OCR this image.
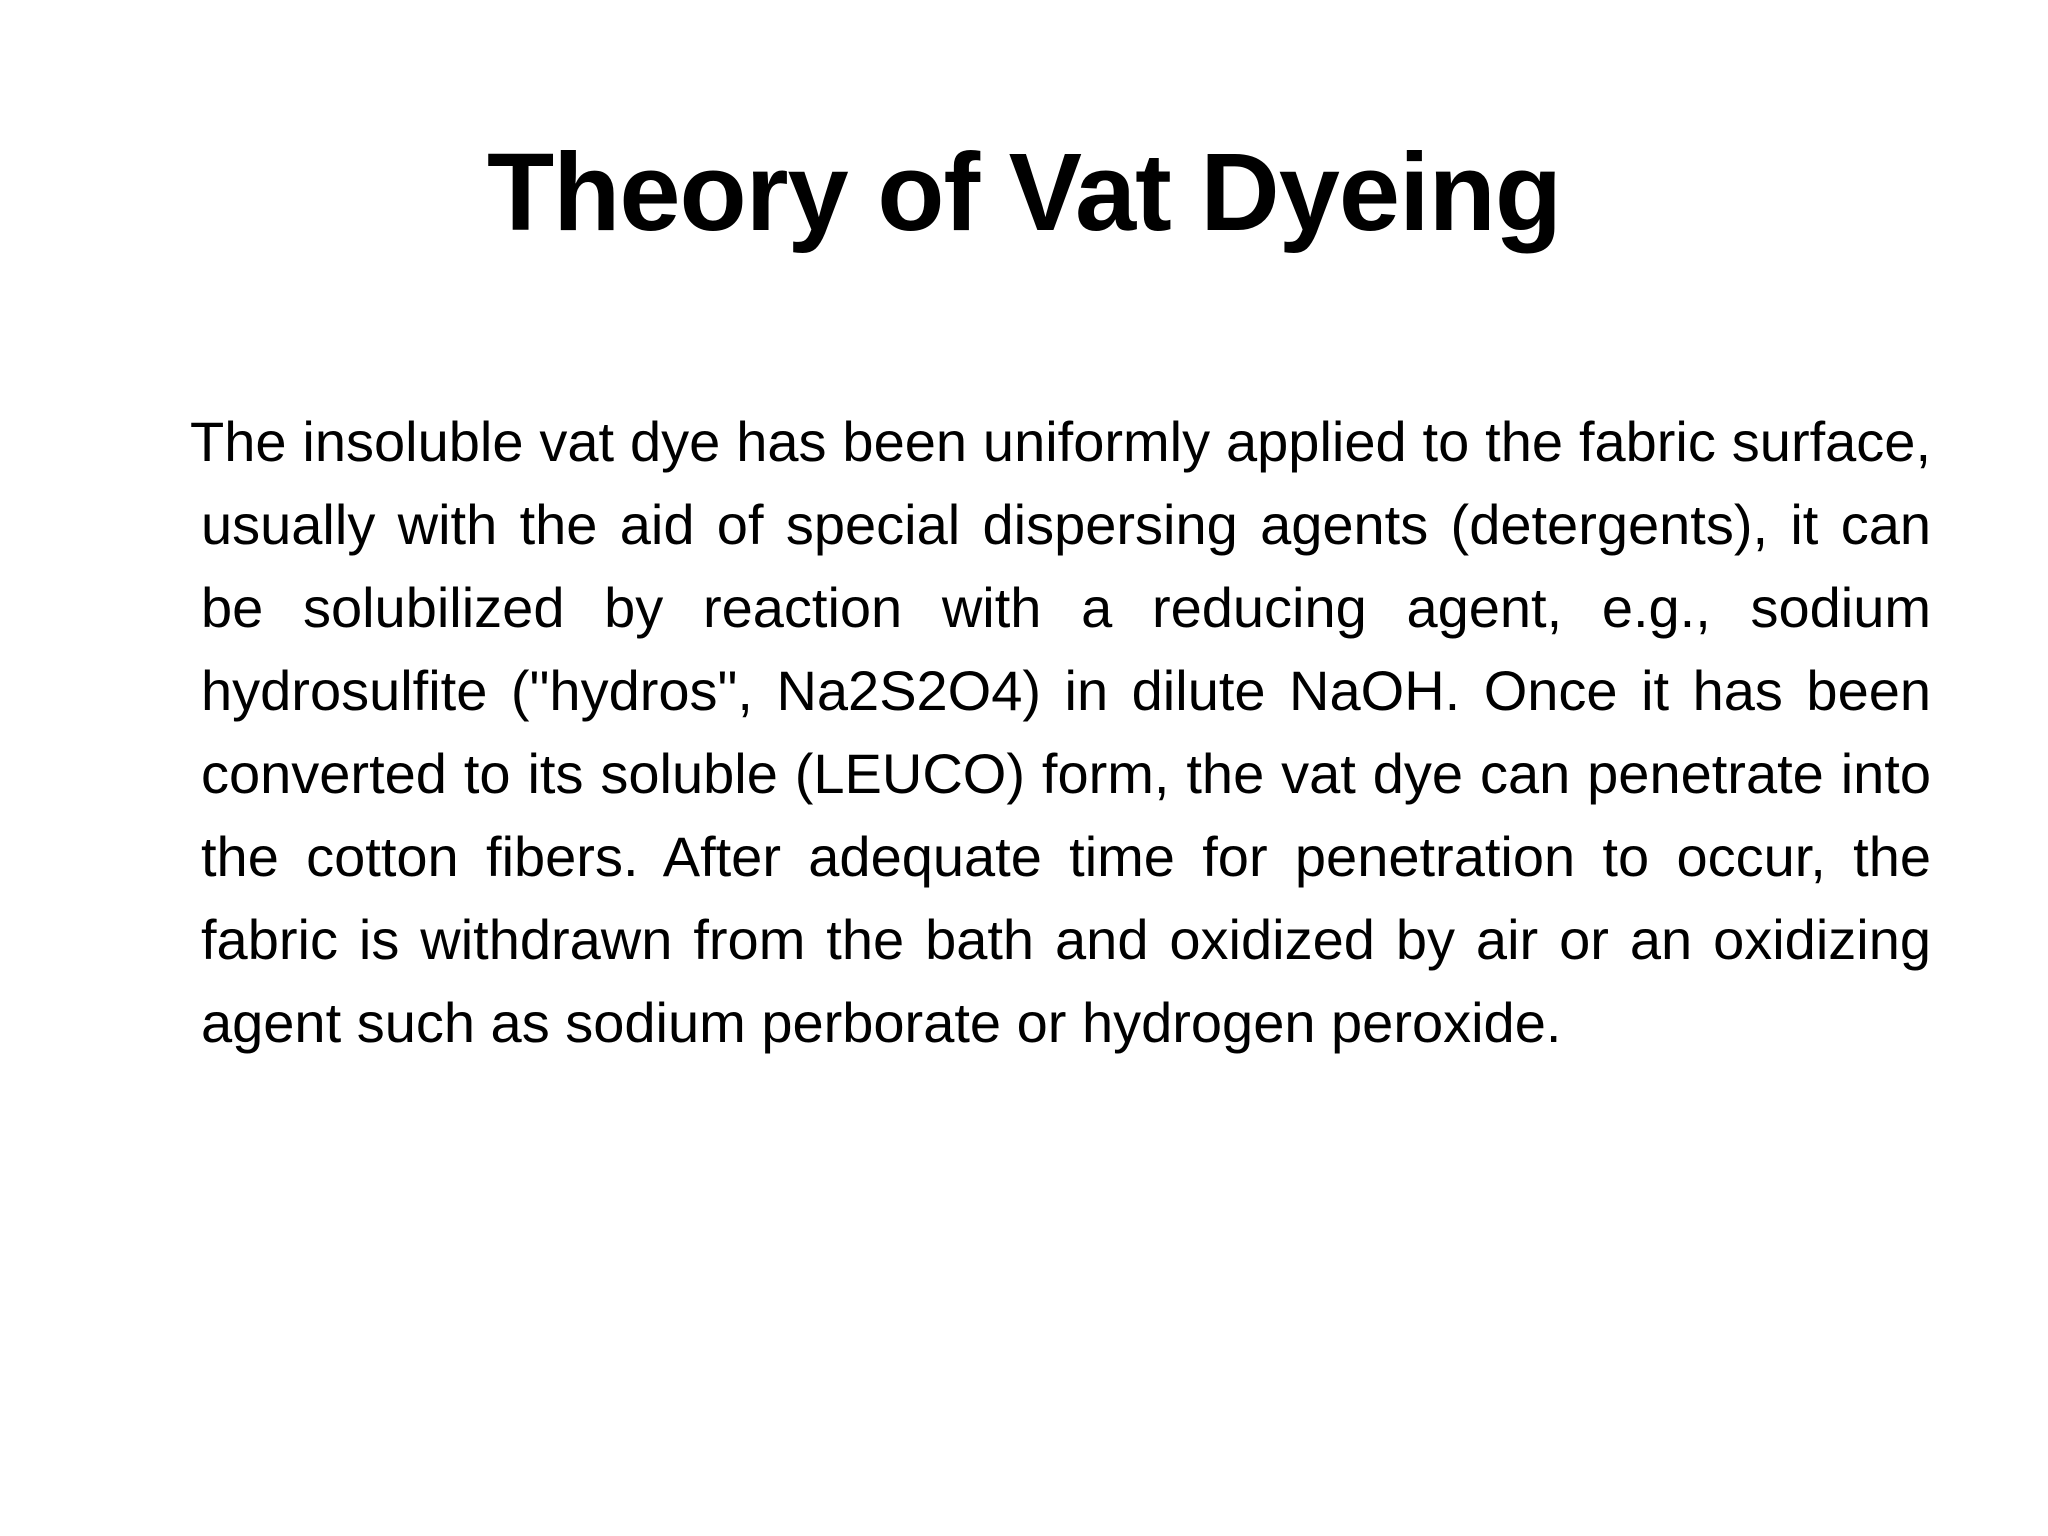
Theory of Vat Dyeing

The insoluble vat dye has been uniformly applied to the fabric surface, usually with the aid of special dispersing agents (detergents), it can be solubilized by reaction with a reducing agent, e.g., sodium hydrosulfite ("hydros", Na2S2O4) in dilute NaOH. Once it has been converted to its soluble (LEUCO) form, the vat dye can penetrate into the cotton fibers. After adequate time for penetration to occur, the fabric is withdrawn from the bath and oxidized by air or an oxidizing agent such as sodium perborate or hydrogen peroxide.
